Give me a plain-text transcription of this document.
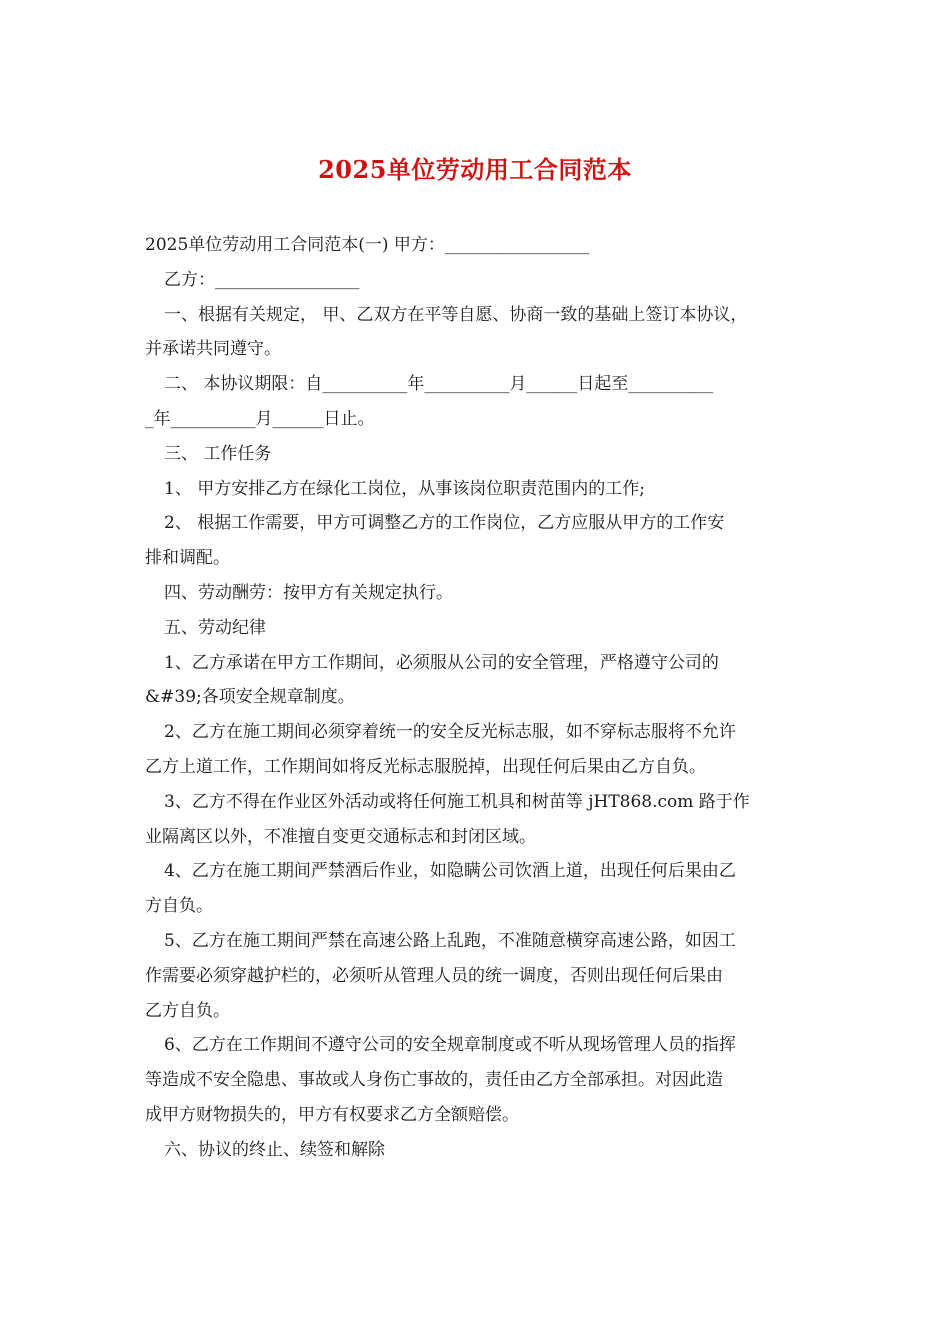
2025单位劳动用工合同范本
2025单位劳动用工合同范本(一) 甲方：_________________
乙方：_________________
一、根据有关规定， 甲、乙双方在平等自愿、协商一致的基础上签订本协议，
并承诺共同遵守。
二、 本协议期限：自__________年__________月______日起至__________
_年__________月______日止。
三、 工作任务
1、 甲方安排乙方在绿化工岗位，从事该岗位职责范围内的工作;
2、 根据工作需要，甲方可调整乙方的工作岗位，乙方应服从甲方的工作安
排和调配。
四、劳动酬劳：按甲方有关规定执行。
五、劳动纪律
1、乙方承诺在甲方工作期间，必须服从公司的安全管理，严格遵守公司的
&#39;各项安全规章制度。
2、乙方在施工期间必须穿着统一的安全反光标志服，如不穿标志服将不允许
乙方上道工作，工作期间如将反光标志服脱掉，出现任何后果由乙方自负。
3、乙方不得在作业区外活动或将任何施工机具和树苗等 jHT868.com 路于作
业隔离区以外，不准擅自变更交通标志和封闭区域。
4、乙方在施工期间严禁酒后作业，如隐瞒公司饮酒上道，出现任何后果由乙
方自负。
5、乙方在施工期间严禁在高速公路上乱跑，不准随意横穿高速公路，如因工
作需要必须穿越护栏的，必须听从管理人员的统一调度，否则出现任何后果由
乙方自负。
6、乙方在工作期间不遵守公司的安全规章制度或不听从现场管理人员的指挥
等造成不安全隐患、事故或人身伤亡事故的，责任由乙方全部承担。对因此造
成甲方财物损失的，甲方有权要求乙方全额赔偿。
六、协议的终止、续签和解除
